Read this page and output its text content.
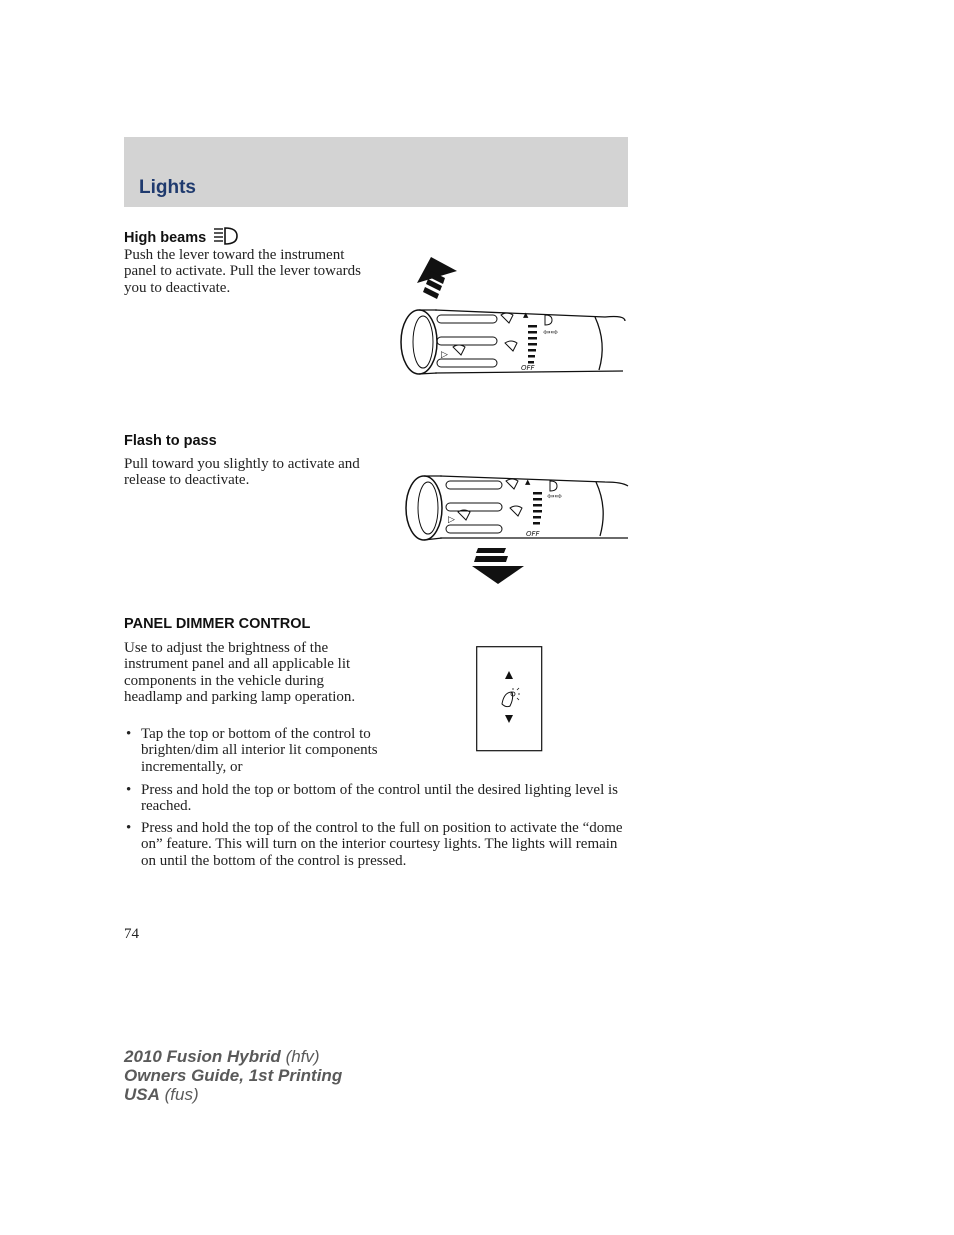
Lights
High beams

Push the lever toward the instrument panel to activate. Pull the lever towards you to deactivate.

▷
▲
⇦⇨
OFF
Flash to pass

Pull toward you slightly to activate and release to deactivate.

▷
▲
⇦⇨
OFF
PANEL DIMMER CONTROL

Use to adjust the brightness of the instrument panel and all applicable lit components in the vehicle during headlamp and parking lamp operation.

• Tap the top or bottom of the control to brighten/dim all interior lit components incrementally, or
• Press and hold the top or bottom of the control until the desired lighting level is reached.
• Press and hold the top of the control to the full on position to activate the “dome on” feature. This will turn on the interior courtesy lights. The lights will remain on until the bottom of the control is pressed.

74

2010 Fusion Hybrid (hfv)
Owners Guide, 1st Printing
USA (fus)
